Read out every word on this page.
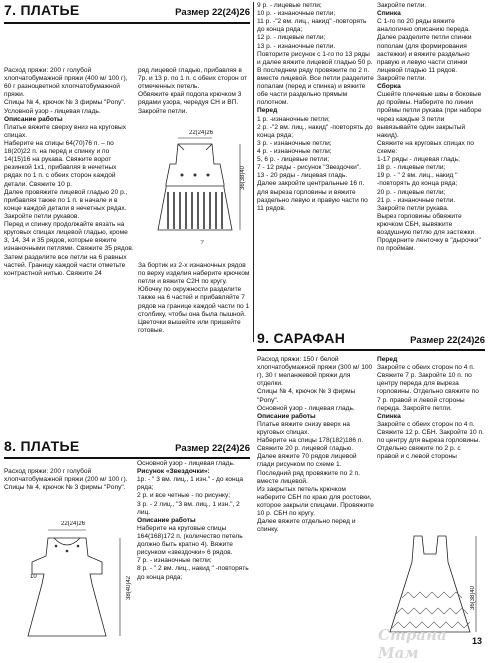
7. ПЛАТЬЕ	Размер 22(24)26

Расход пряжи: 200 г голубой хлопчатобумажной пряжи (400 м/ 100 г), 60 г разноцветной хлопчатобумажной пряжи.

Спицы № 4, крючок № 3 фирмы "Pony".

Условной узор - лицевая гладь.

Описание работы

Платье вяжите сверху вниз на круговых спицах.

Наберите на спицы 64(70)76 п. – по 18(20)22 п. на перед и спинку и по 14(15)16 на рукава. Свяжите ворот резинкой 1x1, прибавляя в нечетных рядах по 1 п. с обеих сторон каждой детали. Свяжите 10 р.

Далее провяжите лицевой гладью 20 р., прибавляя также по 1 п. в начале и в конце каждой детали в нечетных рядах.

Закройте петли рукавов.

Перед и спинку продолжайте вязать на круговых спицах лицевой гладью, кроме 3, 14, 34 и 35 рядов, которые вяжите изнаночными петлями. Свяжите 35 рядов. Затем разделите все петли на 6 равных частей. Границу каждой части отметьте контрастной нитью. Свяжите 24

ряд лицевой гладью, прибавляя в 7р. и 13 р. по 1 п. с обеих сторон от отмеченных петель.

Обвяжите край подола крючком 3 рядами узора, чередуя СН и ВП. Закройте петли.

22(24)26
36(38)40
?

За бортик из 2-х изнаночных рядов по верху изделия наберите крючком петли и вяжите С2Н по кругу.

Юбочку по окружности разделите также на 6 частей и прибавляйте 7 рядов на границе каждой части по 1 столбику, чтобы она была пышной.

Цветочки вышейте или пришейте готовые.

9 р. - лицевые петли;

10 р. - изнаночные петли;

11 р. -"2 вм. лиц., накид" -повторять до конца ряда;

12 р. - лицевые петли;

13 р. - изнаночные петли.

Повторите рисунок с 1-го по 13 ряды и далее вяжите лицевой гладью 50 р. В последнем ряду провяжите по 2 п. вместе лицевой. Все петли разделите попалам (перед и спинка) и вяжите обе части раздельно прямым полотном.

Перед

1 р. -изнаночные петли;

2 р. -"2 вм. лиц., накид" -повторять до конца ряда;

3 р. - изнаночные петли;

4 р. - изнаночные петли;

5, 6 р. - лицевые петли;

7 - 12 ряды - рисунок "Звездочки".

13 - 20 ряды - лицевая гладь.

Далее закройте центральные 16 п. для выреза горловины и вяжите раздельно левую и правую части по 11 рядов.

Закройте петли.

Спинка

С 1-го по 20 ряды вяжите аналогично описанию переда. Далее разделите петли спинки пополам (для формирования застежки) и вяжите раздельно правую и левую части спинки лицевой гладью 11 рядов. Закройте петли.

Сборка

Сшейте плечевые швы в боковые до проймы. Наберите по линии проймы петли рукава (при наборе через каждые 3 петли вывязывайте один закрытый накид).

Свяжите на круговых спицах по схеме:

1-17 ряды - лицевая гладь;

18 р. - лицевые петли;

19 р. - " 2 вм. лиц., накид " -повторять до конца ряда;

20 р. - лицевые петли;

21 р. - изнаночные петли.

Закройте петли рукава.

Вырез горловины обвяжите крючком СБН, вывяжите воздушную петлю для застежки. Продерните ленточку в "дырочки" по проймам.

8. ПЛАТЬЕ	Размер 22(24)26

Расход пряжи: 200 г голубой хлопчатобумажной пряжи (200 м/ 100 г).

Спицы № 4, крючок № 3 фирмы "Pony".

22(24)26
38(40)42
10

Основной узор - лицевая гладь.

Рисунок «Звездочки»:

1р. - " 3 вм. лиц., 1 изн." - до конца ряда;

2 р. и все четные - по рисунку;

3 р. - 2 лиц., "3 вм. лиц., 1 изн.", 2 лиц.

Описание работы

Наберите на круговые спицы 164(168)172 п. (количество петель должно быть кратно 4). Вяжите рисунком «звездочки» 6 рядов.

7 р. - изнаночные петли;

8 р. - " 2 вм. лиц., накид " -повторять до конца ряда;

9. САРАФАН	Размер 22(24)26

Расход пряжи: 150 г белой хлопчатобумажной пряжи (300 м/ 100 г), 30 г меланжевой пряжи для отделки.

Спицы № 4, крючок № 3 фирмы "Pony".

Основной узор - лицевая гладь.

Описание работы

Платье вяжите снизу вверх на круговых спицах.

Наберите на спицы 178(182)186 п. Свяжите 20 р. лицевой гладью. Далее вяжите 70 рядов лицевой глади рисунком по схеме 1. Последний ряд провяжите по 2 п. вместе лицевой.

Из закрытых петель крючком наберите СБН по краю для ростовки, которое закрыли спицами. Провяжите 10 р. СБН по кругу.

Далее вяжите отдельно перед и спинку.

Перед

Закройте с обеих сторон по 4 п. Свяжите 7 р. Закройте 10 п. по центру переда для выреза горловины. Отдельно свяжите по 7 р. правой и левой стороны переда. Закройте петли.

Спинка

Закройте с обеих сторон по 4 п. Свяжите 12 р. СБН. Закройте 10 п. по центру для выреза горловины. Отдельно свяжите по 2 р. с правой и с левой стороны

36(38)40
Страна Мам
13
